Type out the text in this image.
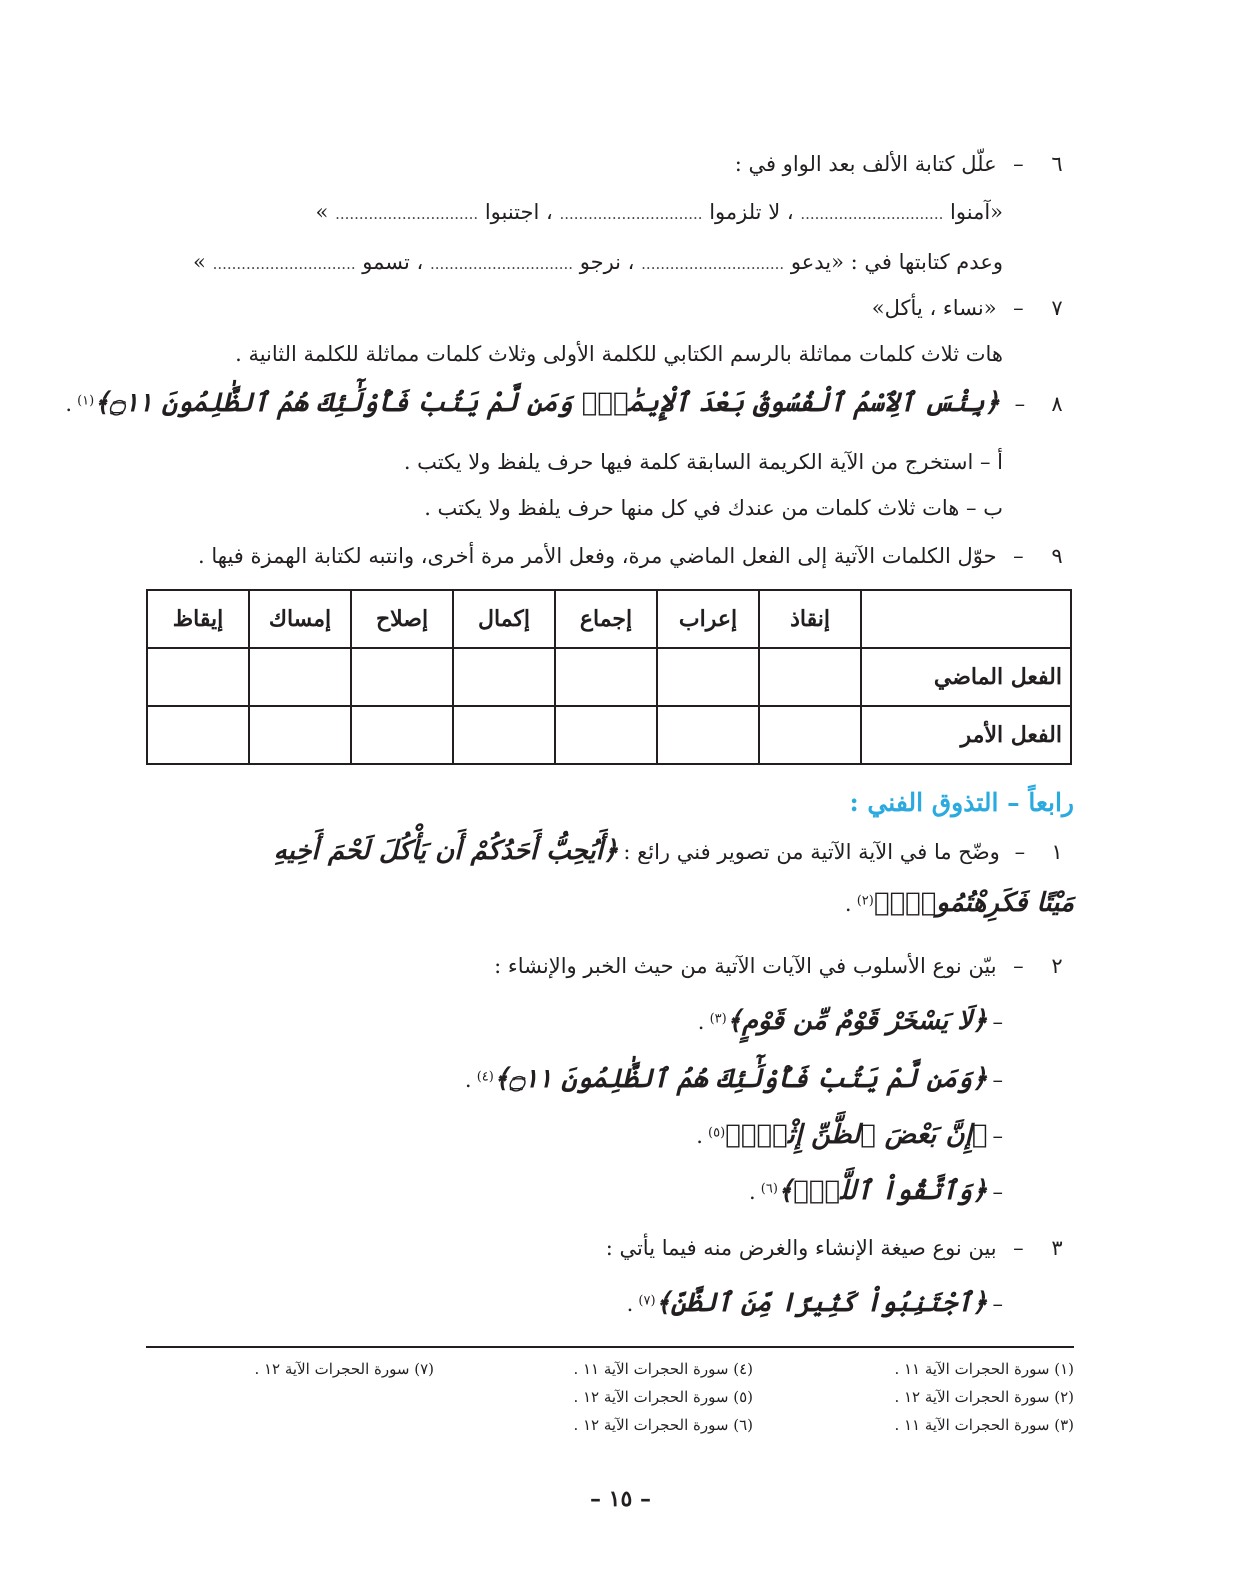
٦ – علّل كتابة الألف بعد الواو في :
«آمنوا .............................. ، لا تلزموا .............................. ، اجتنبوا .............................. »
وعدم كتابتها في : «يدعو .............................. ، نرجو .............................. ، تسمو .............................. »
٧ – «نساء ، يأكل»
هات ثلاث كلمات مماثلة بالرسم الكتابي للكلمة الأولى وثلاث كلمات مماثلة للكلمة الثانية .
٨ – ﴿بِئْسَ ٱلِٱسْمُ ٱلْفُسُوقُ بَعْدَ ٱلْإِيمَٰنِۚ وَمَن لَّمْ يَتُبْ فَأُوْلَٰٓئِكَ هُمُ ٱلظَّٰلِمُونَ ۝١١﴾$^{(١)}$ .
أ – استخرج من الآية الكريمة السابقة كلمة فيها حرف يلفظ ولا يكتب .
ب – هات ثلاث كلمات من عندك في كل منها حرف يلفظ ولا يكتب .
٩ – حوّل الكلمات الآتية إلى الفعل الماضي مرة، وفعل الأمر مرة أخرى، وانتبه لكتابة الهمزة فيها .
	إنقاذ	إعراب	إجماع	إكمال	إصلاح	إمساك	إيقاظ
الفعل الماضي							
الفعل الأمر							
رابعاً – التذوق الفني :
١ – وضّح ما في الآية الآتية من تصوير فني رائع : ﴿أَيُحِبُّ أَحَدُكُمْ أَن يَأْكُلَ لَحْمَ أَخِيهِ
مَيْتًا فَكَرِهْتُمُوهُۚ﴾$^{(٢)}$ .
٢ – بيّن نوع الأسلوب في الآيات الآتية من حيث الخبر والإنشاء :
– ﴿لَا يَسْخَرْ قَوْمٌ مِّن قَوْمٍ﴾$^{(٣)}$ .
– ﴿وَمَن لَّمْ يَتُبْ فَأُوْلَٰٓئِكَ هُمُ ٱلظَّٰلِمُونَ ۝١١﴾$^{(٤)}$ .
– ﴿إِنَّ بَعْضَ ٱلظَّنِّ إِثْمٌۖ﴾$^{(٥)}$ .
– ﴿وَٱتَّقُواْ ٱللَّهَۚ﴾$^{(٦)}$ .
٣ – بين نوع صيغة الإنشاء والغرض منه فيما يأتي :
– ﴿ٱجْتَنِبُواْ كَثِيرًا مِّنَ ٱلظَّنِّ﴾$^{(٧)}$ .
(١) سورة الحجرات الآية ١١ .
(٢) سورة الحجرات الآية ١٢ .
(٣) سورة الحجرات الآية ١١ .
(٤) سورة الحجرات الآية ١١ .
(٥) سورة الحجرات الآية ١٢ .
(٦) سورة الحجرات الآية ١٢ .
(٧) سورة الحجرات الآية ١٢ .
– ١٥ –
